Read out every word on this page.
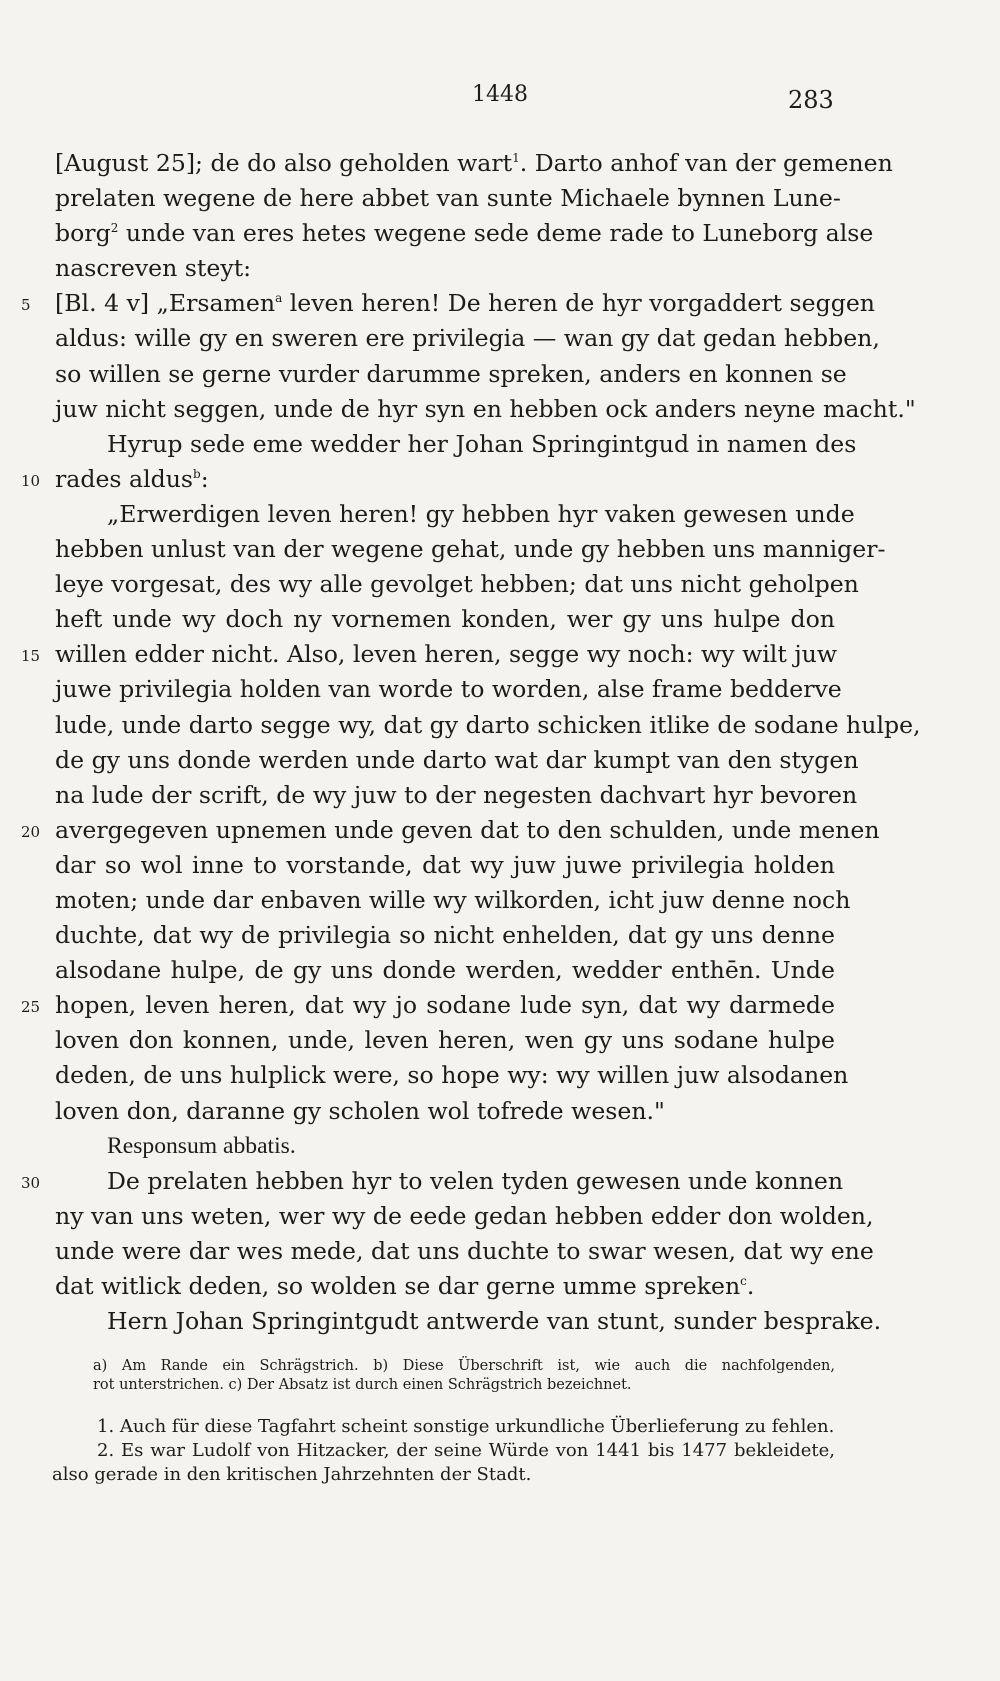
1448	283
[August 25]; de do also geholden wart$^1$. Darto anhof van der gemenen
prelaten wegene de here abbet van sunte Michaele bynnen Lune-
borg$^2$ unde van eres hetes wegene sede deme rade to Luneborg alse
nascreven steyt:
5	[Bl. 4 v] „Ersamen$^a$ leven heren! De heren de hyr vorgaddert seggen
aldus: wille gy en sweren ere privilegia — wan gy dat gedan hebben,
so willen se gerne vurder darumme spreken, anders en konnen se
juw nicht seggen, unde de hyr syn en hebben ock anders neyne macht."
Hyrup sede eme wedder her Johan Springintgud in namen des
10 rades aldus$^b$:
„Erwerdigen leven heren! gy hebben hyr vaken gewesen unde
hebben unlust van der wegene gehat, unde gy hebben uns manniger-
leye vorgesat, des wy alle gevolget hebben; dat uns nicht geholpen
heft unde wy doch ny vornemen konden, wer gy uns hulpe don
15 willen edder nicht. Also, leven heren, segge wy noch: wy wilt juw
juwe privilegia holden van worde to worden, alse frame bedderve
lude, unde darto segge wy, dat gy darto schicken itlike de sodane hulpe,
de gy uns donde werden unde darto wat dar kumpt van den stygen
na lude der scrift, de wy juw to der negesten dachvart hyr bevoren
20 avergegeven upnemen unde geven dat to den schulden, unde menen
dar so wol inne to vorstande, dat wy juw juwe privilegia holden
moten; unde dar enbaven wille wy wilkorden, icht juw denne noch
duchte, dat wy de privilegia so nicht enhelden, dat gy uns denne
alsodane hulpe, de gy uns donde werden, wedder enthēn. Unde
25 hopen, leven heren, dat wy jo sodane lude syn, dat wy darmede
loven don konnen, unde, leven heren, wen gy uns sodane hulpe
deden, de uns hulplick were, so hope wy: wy willen juw alsodanen
loven don, daranne gy scholen wol tofrede wesen."
Responsum abbatis.
30	De prelaten hebben hyr to velen tyden gewesen unde konnen
ny van uns weten, wer wy de eede gedan hebben edder don wolden,
unde were dar wes mede, dat uns duchte to swar wesen, dat wy ene
dat witlick deden, so wolden se dar gerne umme spreken$^c$.
Hern Johan Springintgudt antwerde van stunt, sunder besprake.
a) Am Rande ein Schrägstrich. b) Diese Überschrift ist, wie auch die nachfolgenden,
rot unterstrichen. c) Der Absatz ist durch einen Schrägstrich bezeichnet.
1. Auch für diese Tagfahrt scheint sonstige urkundliche Überlieferung zu fehlen.
2. Es war Ludolf von Hitzacker, der seine Würde von 1441 bis 1477 bekleidete,
also gerade in den kritischen Jahrzehnten der Stadt.
